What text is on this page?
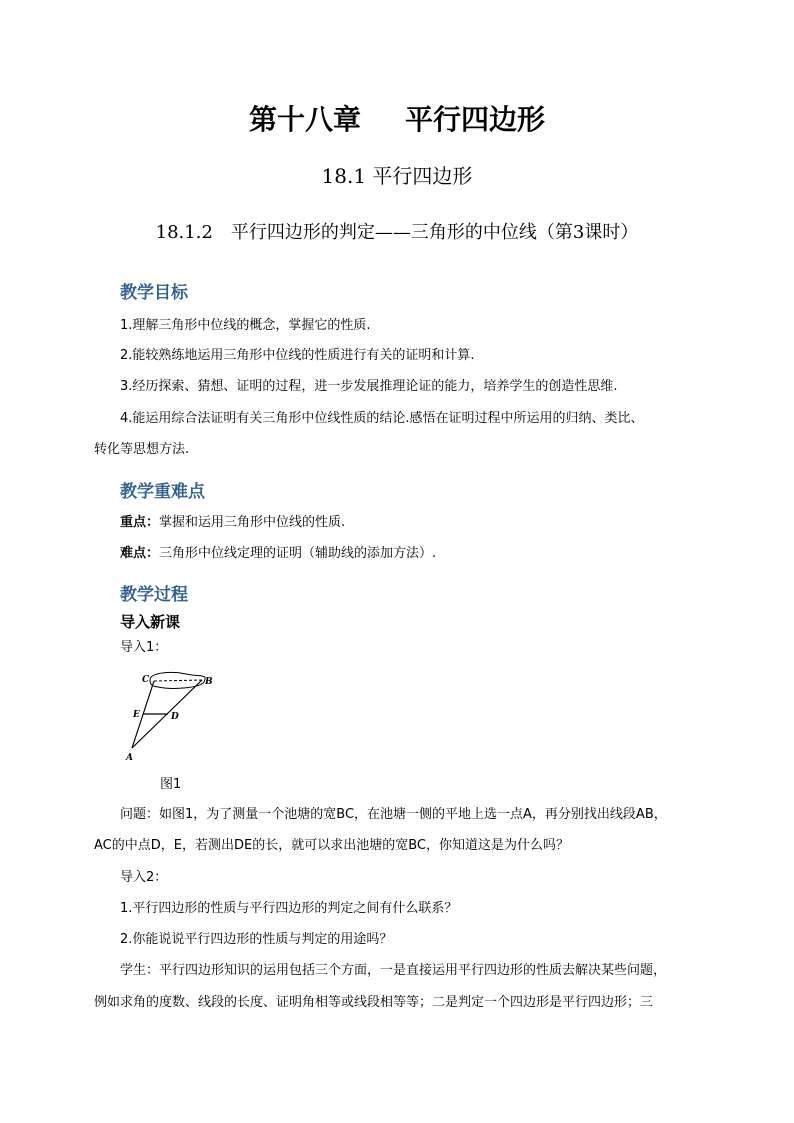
第十八章 平行四边形
18.1 平行四边形
18.1.2　平行四边形的判定——三角形的中位线（第3课时）
教学目标
1.理解三角形中位线的概念，掌握它的性质.
2.能较熟练地运用三角形中位线的性质进行有关的证明和计算.
3.经历探索、猜想、证明的过程，进一步发展推理论证的能力，培养学生的创造性思维.
4.能运用综合法证明有关三角形中位线性质的结论.感悟在证明过程中所运用的归纳、类比、
转化等思想方法.
教学重难点
重点：掌握和运用三角形中位线的性质.
难点：三角形中位线定理的证明（辅助线的添加方法）.
教学过程
导入新课
导入1：
C	B
E	D
A
图1
问题：如图1，为了测量一个池塘的宽BC，在池塘一侧的平地上选一点A，再分别找出线段AB，
AC的中点D，E，若测出DE的长，就可以求出池塘的宽BC，你知道这是为什么吗？
导入2：
1.平行四边形的性质与平行四边形的判定之间有什么联系？
2.你能说说平行四边形的性质与判定的用途吗？
学生：平行四边形知识的运用包括三个方面，一是直接运用平行四边形的性质去解决某些问题，
例如求角的度数、线段的长度、证明角相等或线段相等等；二是判定一个四边形是平行四边形；三
